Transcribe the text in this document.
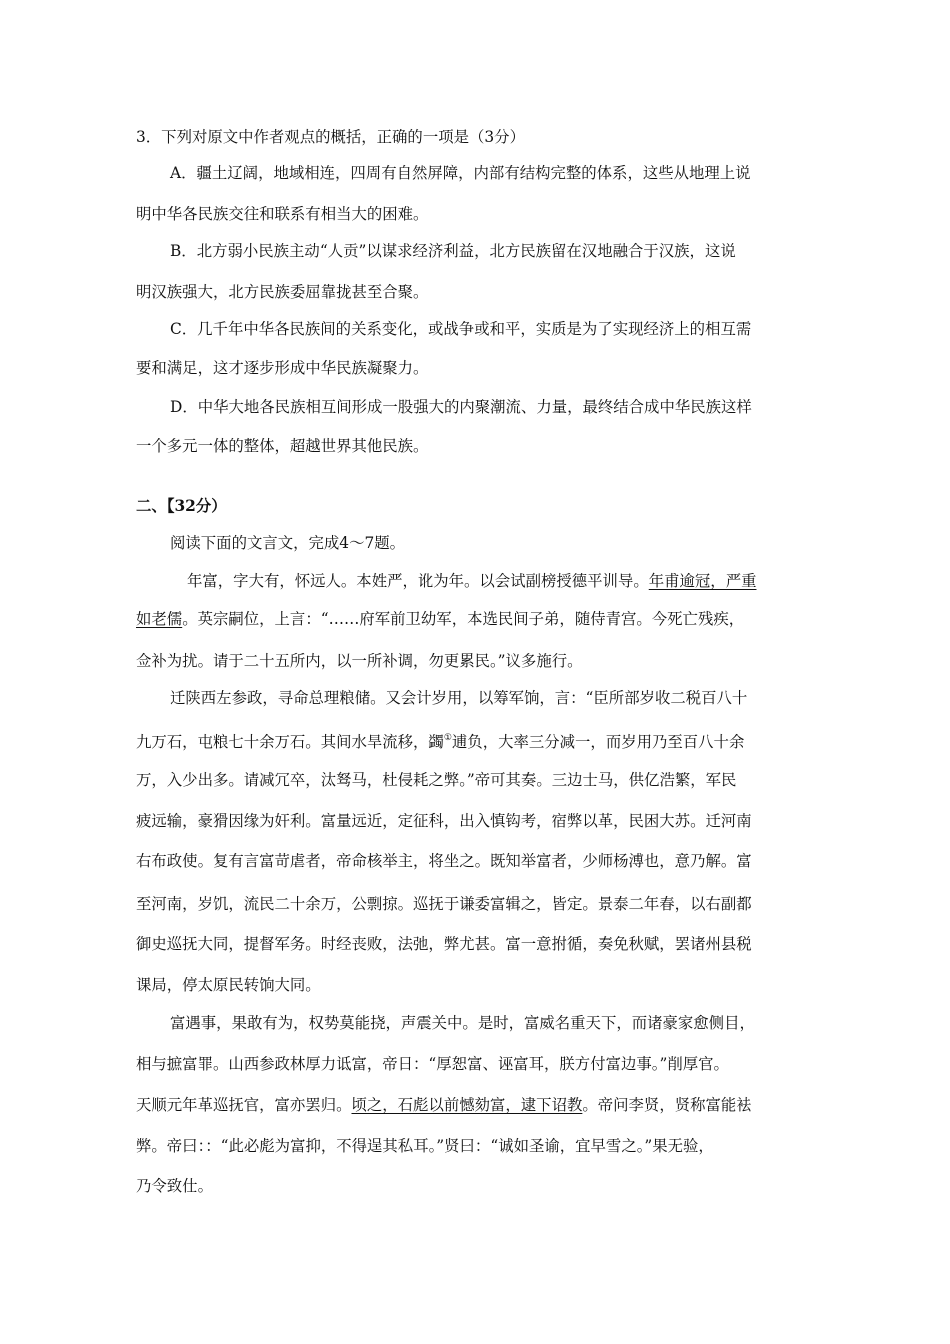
3．下列对原文中作者观点的概括，正确的一项是（3分）
A．疆土辽阔，地域相连，四周有自然屏障，内部有结构完整的体系，这些从地理上说
明中华各民族交往和联系有相当大的困难。
B．北方弱小民族主动“人贡”以谋求经济利益，北方民族留在汉地融合于汉族，这说
明汉族强大，北方民族委屈靠拢甚至合聚。
C．几千年中华各民族间的关系变化，或战争或和平，实质是为了实现经济上的相互需
要和满足，这才逐步形成中华民族凝聚力。
D．中华大地各民族相互间形成一股强大的内聚潮流、力量，最终结合成中华民族这样
一个多元一体的整体，超越世界其他民族。
二、【32分）
阅读下面的文言文，完成4～7题。
年富，字大有，怀远人。本姓严，讹为年。以会试副榜授德平训导。年甫逾冠，严重
如老儒。英宗嗣位，上言：“……府军前卫幼军，本选民间子弟，随侍青宫。今死亡残疾，
佥补为扰。请于二十五所内，以一所补调，勿更累民。”议多施行。
迁陕西左参政，寻命总理粮储。又会计岁用，以筹军饷，言：“臣所部岁收二税百八十
九万石，屯粮七十余万石。其间水旱流移，蠲①逋负，大率三分减一，而岁用乃至百八十余
万，入少出多。请减冗卒，汰驽马，杜侵耗之弊。”帝可其奏。三边士马，供亿浩繁，军民
疲远输，豪猾因缘为奸利。富量远近，定征科，出入慎钩考，宿弊以革，民困大苏。迁河南
右布政使。复有言富苛虐者，帝命核举主，将坐之。既知举富者，少师杨溥也，意乃解。富
至河南，岁饥，流民二十余万，公剽掠。巡抚于谦委富辑之，皆定。景泰二年春，以右副都
御史巡抚大同，提督军务。时经丧败，法弛，弊尤甚。富一意拊循，奏免秋赋，罢诸州县税
课局，停太原民转饷大同。
富遇事，果敢有为，权势莫能挠，声震关中。是时，富威名重天下，而诸豪家愈侧目，
相与摭富罪。山西参政林厚力诋富，帝日：“厚恕富、诬富耳，朕方付富边事。”削厚官。
天顺元年革巡抚官，富亦罢归。顷之，石彪以前憾劾富，逮下诏教。帝问李贤，贤称富能袪
弊。帝曰：：“此必彪为富抑，不得逞其私耳。”贤曰：“诚如圣谕，宜早雪之。”果无验，
乃令致仕。
